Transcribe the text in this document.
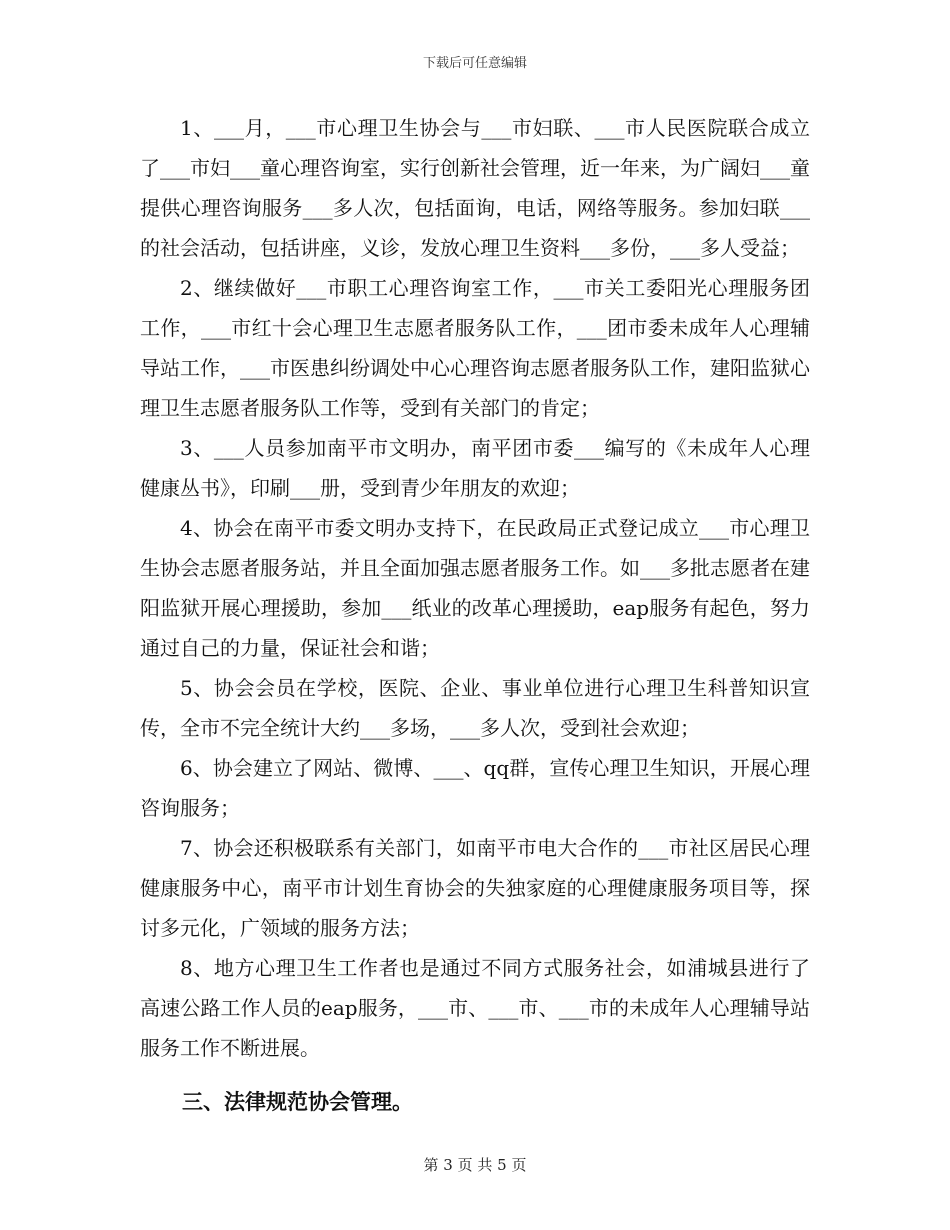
下载后可任意编辑

1、___月，___市心理卫生协会与___市妇联、___市人民医院联合成立了___市妇___童心理咨询室，实行创新社会管理，近一年来，为广阔妇___童提供心理咨询服务___多人次，包括面询，电话，网络等服务。参加妇联___的社会活动，包括讲座，义诊，发放心理卫生资料___多份，___多人受益；

2、继续做好___市职工心理咨询室工作，___市关工委阳光心理服务团工作，___市红十会心理卫生志愿者服务队工作，___团市委未成年人心理辅导站工作，___市医患纠纷调处中心心理咨询志愿者服务队工作，建阳监狱心理卫生志愿者服务队工作等，受到有关部门的肯定；

3、___人员参加南平市文明办，南平团市委___编写的《未成年人心理健康丛书》，印刷___册，受到青少年朋友的欢迎；

4、协会在南平市委文明办支持下，在民政局正式登记成立___市心理卫生协会志愿者服务站，并且全面加强志愿者服务工作。如___多批志愿者在建阳监狱开展心理援助，参加___纸业的改革心理援助，eap服务有起色，努力通过自己的力量，保证社会和谐；

5、协会会员在学校，医院、企业、事业单位进行心理卫生科普知识宣传，全市不完全统计大约___多场，___多人次，受到社会欢迎；

6、协会建立了网站、微博、___、qq群，宣传心理卫生知识，开展心理咨询服务；

7、协会还积极联系有关部门，如南平市电大合作的___市社区居民心理健康服务中心，南平市计划生育协会的失独家庭的心理健康服务项目等，探讨多元化，广领域的服务方法；

8、地方心理卫生工作者也是通过不同方式服务社会，如浦城县进行了高速公路工作人员的eap服务，___市、___市、___市的未成年人心理辅导站服务工作不断进展。

三、法律规范协会管理。

第 3 页 共 5 页
